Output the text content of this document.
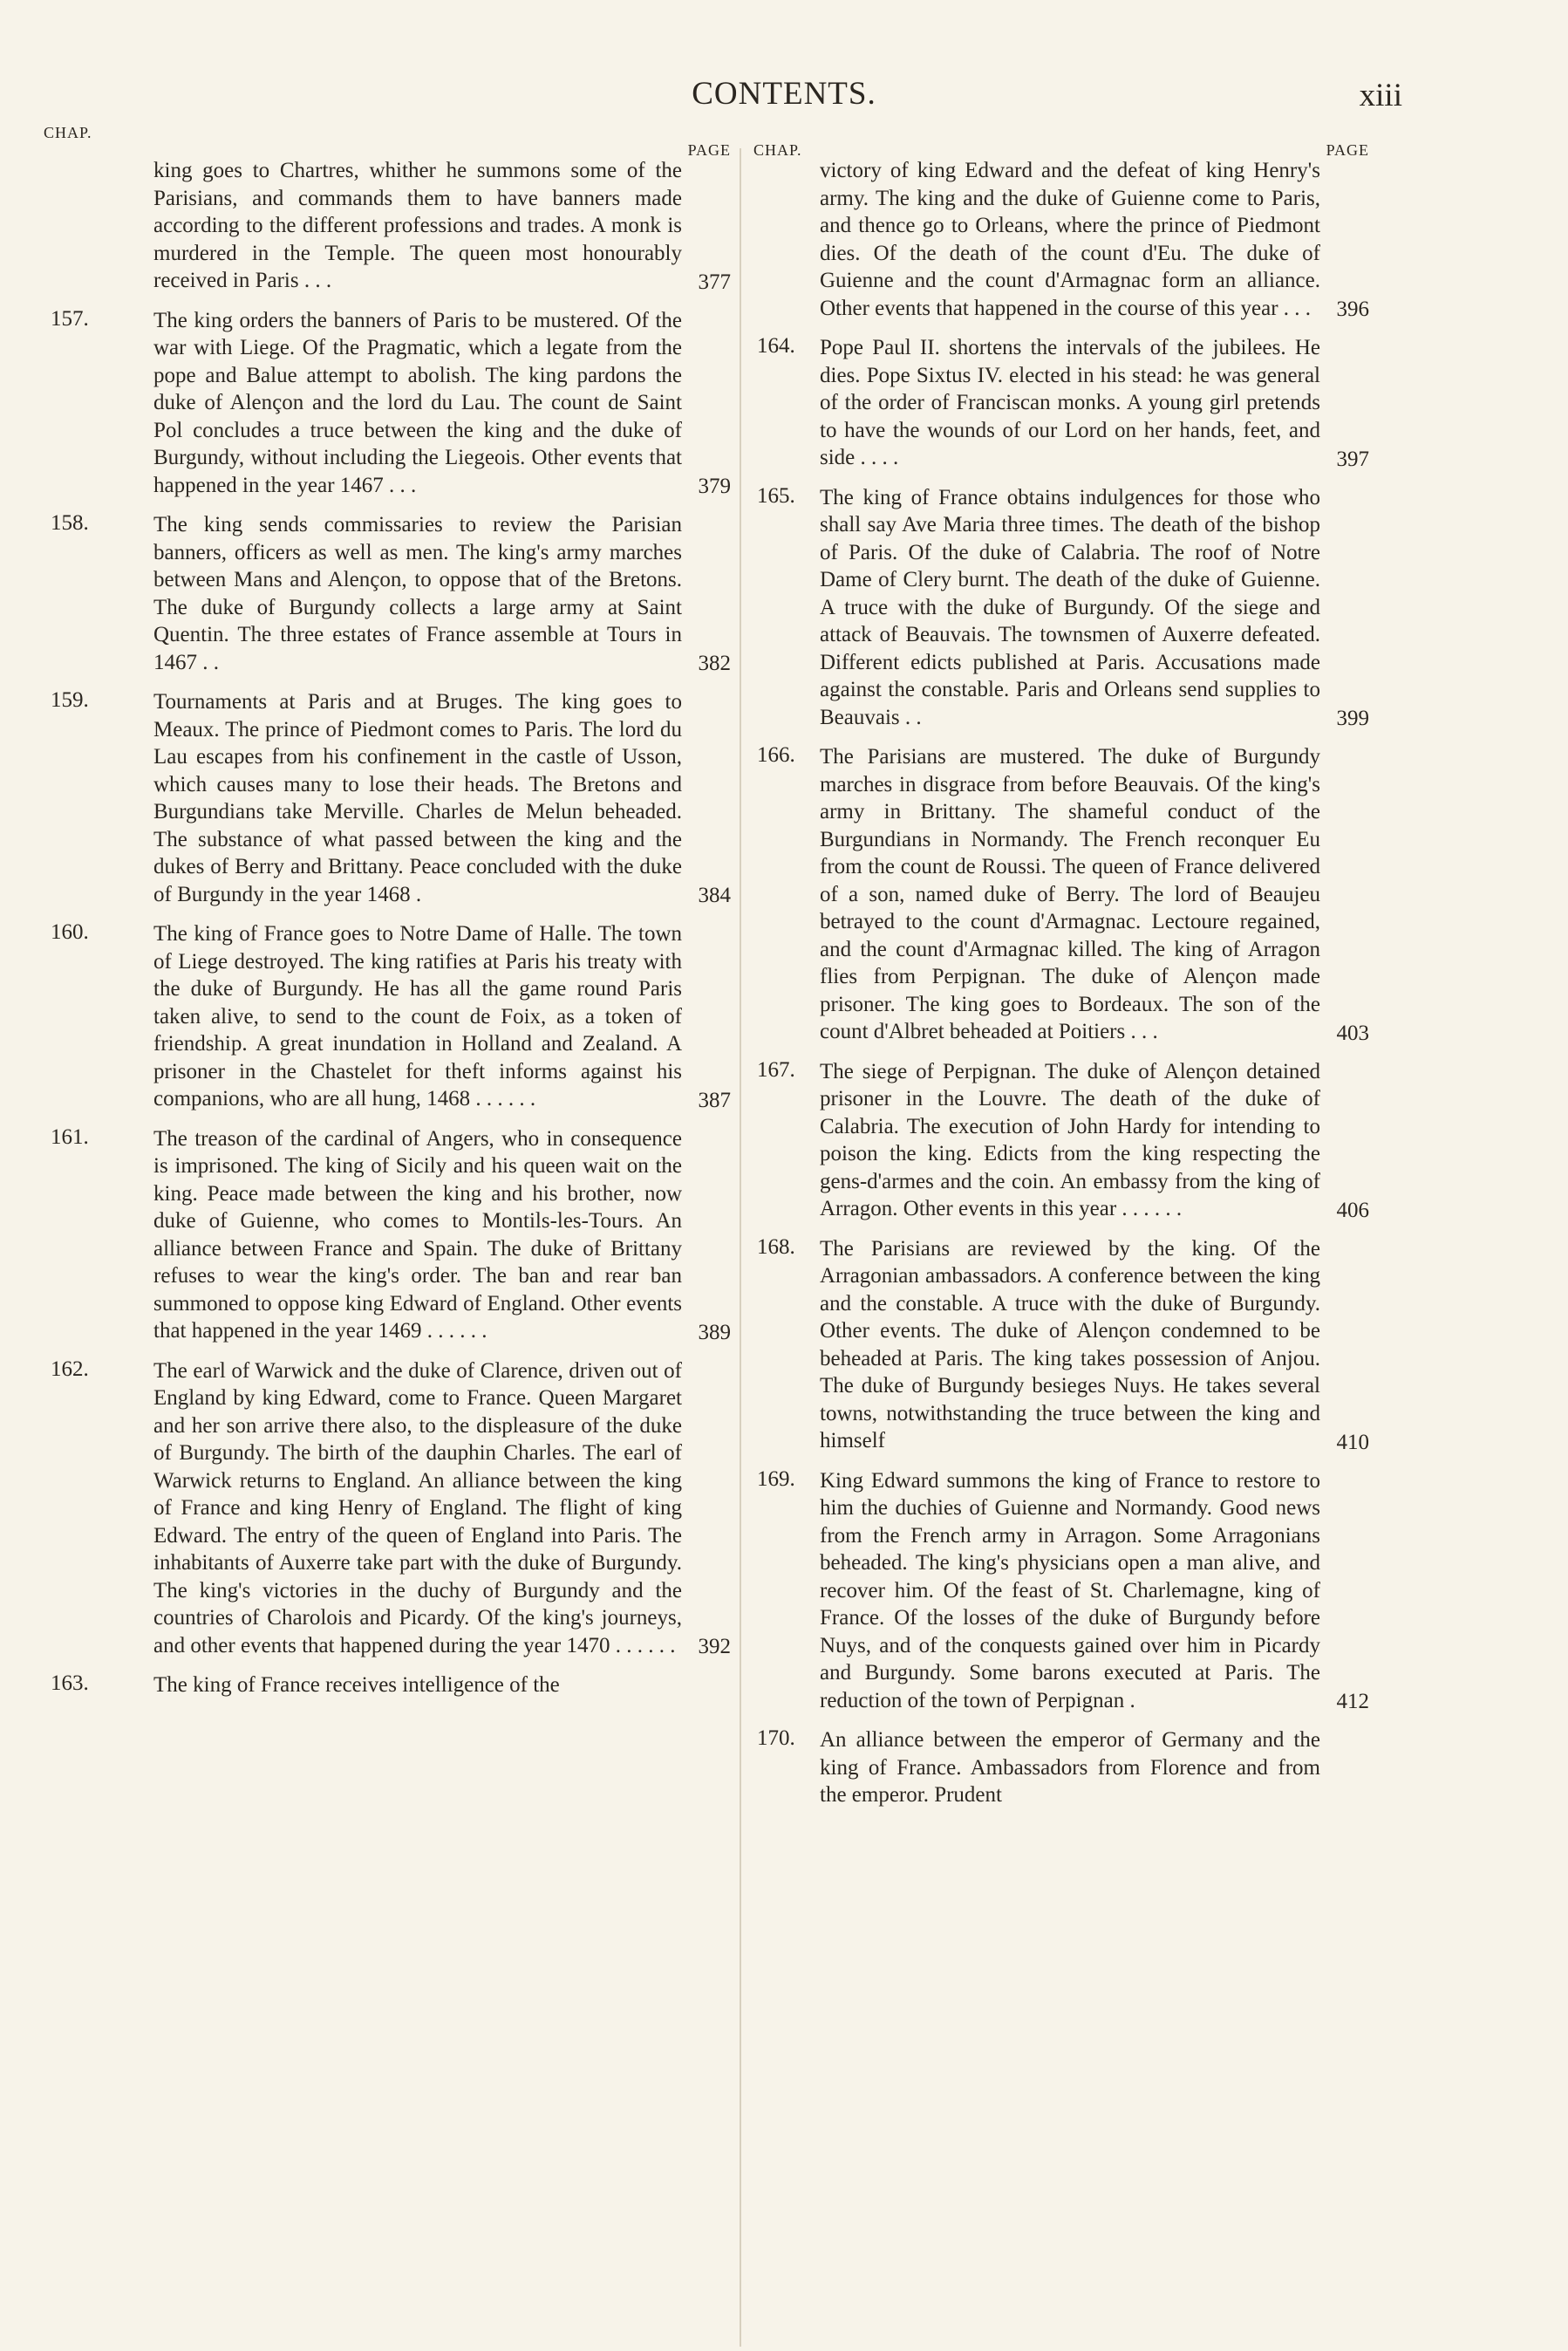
CONTENTS.	xiii
CHAP.
PAGE
king goes to Chartres, whither he summons some of the Parisians, and commands them to have banners made according to the different professions and trades. A monk is murdered in the Temple. The queen most honourably received in Paris . . .	377
157.	The king orders the banners of Paris to be mustered. Of the war with Liege. Of the Pragmatic, which a legate from the pope and Balue attempt to abolish. The king pardons the duke of Alençon and the lord du Lau. The count de Saint Pol concludes a truce between the king and the duke of Burgundy, without including the Liegeois. Other events that happened in the year 1467 . . .	379
158.	The king sends commissaries to review the Parisian banners, officers as well as men. The king's army marches between Mans and Alençon, to oppose that of the Bretons. The duke of Burgundy collects a large army at Saint Quentin. The three estates of France assemble at Tours in 1467 . .	382
159.	Tournaments at Paris and at Bruges. The king goes to Meaux. The prince of Piedmont comes to Paris. The lord du Lau escapes from his confinement in the castle of Usson, which causes many to lose their heads. The Bretons and Burgundians take Merville. Charles de Melun beheaded. The substance of what passed between the king and the dukes of Berry and Brittany. Peace concluded with the duke of Burgundy in the year 1468 .	384
160.	The king of France goes to Notre Dame of Halle. The town of Liege destroyed. The king ratifies at Paris his treaty with the duke of Burgundy. He has all the game round Paris taken alive, to send to the count de Foix, as a token of friendship. A great inundation in Holland and Zealand. A prisoner in the Chastelet for theft informs against his companions, who are all hung, 1468 . . . . . .	387
161.	The treason of the cardinal of Angers, who in consequence is imprisoned. The king of Sicily and his queen wait on the king. Peace made between the king and his brother, now duke of Guienne, who comes to Montils-les-Tours. An alliance between France and Spain. The duke of Brittany refuses to wear the king's order. The ban and rear ban summoned to oppose king Edward of England. Other events that happened in the year 1469 . . . . . .	389
162.	The earl of Warwick and the duke of Clarence, driven out of England by king Edward, come to France. Queen Margaret and her son arrive there also, to the displeasure of the duke of Burgundy. The birth of the dauphin Charles. The earl of Warwick returns to England. An alliance between the king of France and king Henry of England. The flight of king Edward. The entry of the queen of England into Paris. The inhabitants of Auxerre take part with the duke of Burgundy. The king's victories in the duchy of Burgundy and the countries of Charolois and Picardy. Of the king's journeys, and other events that happened during the year 1470 . . . . . .	392
163.	The king of France receives intelligence of the
CHAP.	PAGE
victory of king Edward and the defeat of king Henry's army. The king and the duke of Guienne come to Paris, and thence go to Orleans, where the prince of Piedmont dies. Of the death of the count d'Eu. The duke of Guienne and the count d'Armagnac form an alliance. Other events that happened in the course of this year . . .	396
164.	Pope Paul II. shortens the intervals of the jubilees. He dies. Pope Sixtus IV. elected in his stead: he was general of the order of Franciscan monks. A young girl pretends to have the wounds of our Lord on her hands, feet, and side . . . .	397
165.	The king of France obtains indulgences for those who shall say Ave Maria three times. The death of the bishop of Paris. Of the duke of Calabria. The roof of Notre Dame of Clery burnt. The death of the duke of Guienne. A truce with the duke of Burgundy. Of the siege and attack of Beauvais. The townsmen of Auxerre defeated. Different edicts published at Paris. Accusations made against the constable. Paris and Orleans send supplies to Beauvais . .	399
166.	The Parisians are mustered. The duke of Burgundy marches in disgrace from before Beauvais. Of the king's army in Brittany. The shameful conduct of the Burgundians in Normandy. The French reconquer Eu from the count de Roussi. The queen of France delivered of a son, named duke of Berry. The lord of Beaujeu betrayed to the count d'Armagnac. Lectoure regained, and the count d'Armagnac killed. The king of Arragon flies from Perpignan. The duke of Alençon made prisoner. The king goes to Bordeaux. The son of the count d'Albret beheaded at Poitiers . . .	403
167.	The siege of Perpignan. The duke of Alençon detained prisoner in the Louvre. The death of the duke of Calabria. The execution of John Hardy for intending to poison the king. Edicts from the king respecting the gens-d'armes and the coin. An embassy from the king of Arragon. Other events in this year . . . . . .	406
168.	The Parisians are reviewed by the king. Of the Arragonian ambassadors. A conference between the king and the constable. A truce with the duke of Burgundy. Other events. The duke of Alençon condemned to be beheaded at Paris. The king takes possession of Anjou. The duke of Burgundy besieges Nuys. He takes several towns, notwithstanding the truce between the king and himself	410
169.	King Edward summons the king of France to restore to him the duchies of Guienne and Normandy. Good news from the French army in Arragon. Some Arragonians beheaded. The king's physicians open a man alive, and recover him. Of the feast of St. Charlemagne, king of France. Of the losses of the duke of Burgundy before Nuys, and of the conquests gained over him in Picardy and Burgundy. Some barons executed at Paris. The reduction of the town of Perpignan .	412
170.	An alliance between the emperor of Germany and the king of France. Ambassadors from Florence and from the emperor. Prudent
